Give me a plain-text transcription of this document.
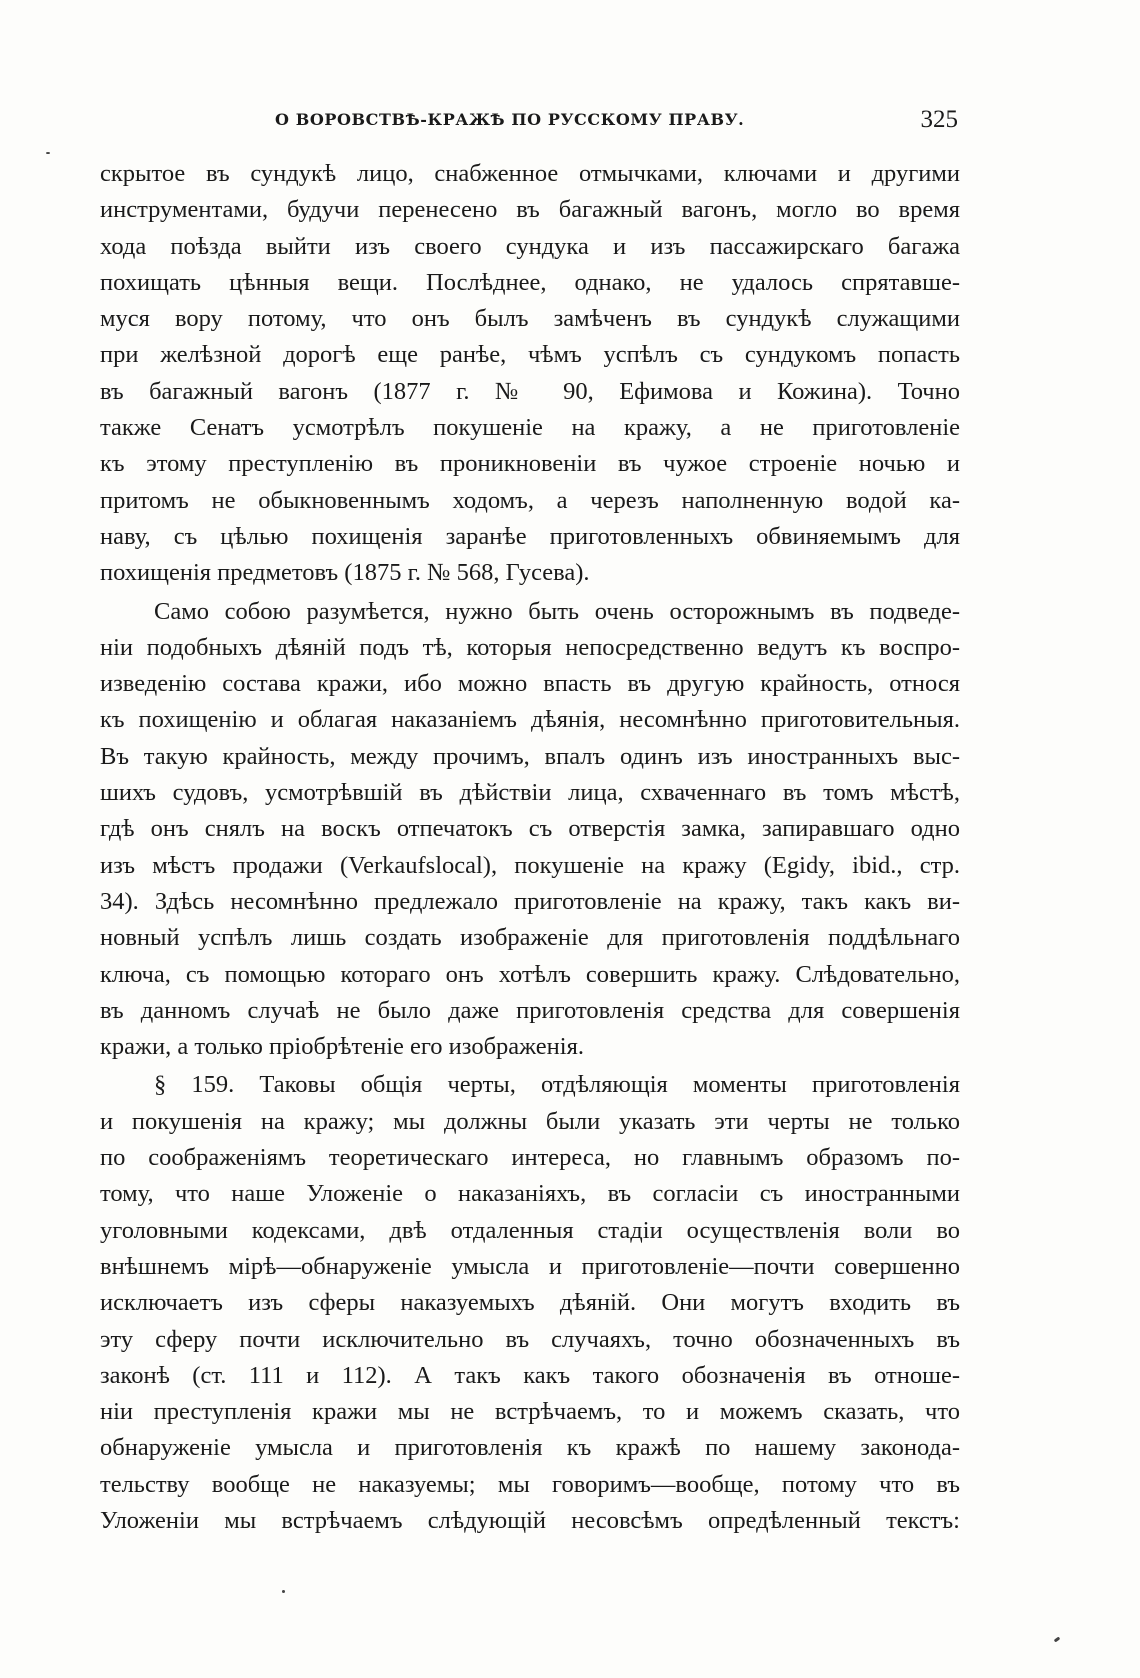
О ВОРОВСТВѢ-КРАЖѢ ПО РУССКОМУ ПРАВУ.	325
скрытое въ сундукѣ лицо, снабженное отмычками, ключами и другими
инструментами, будучи перенесено въ багажный вагонъ, могло во время
хода поѣзда выйти изъ своего сундука и изъ пассажирскаго багажа
похищать цѣнныя вещи. Послѣднее, однако, не удалось спрятавше-
муся вору потому, что онъ былъ замѣченъ въ сундукѣ служащими
при желѣзной дорогѣ еще ранѣе, чѣмъ успѣлъ съ сундукомъ попасть
въ багажный вагонъ (1877 г. № 90, Ефимова и Кожина). Точно
также Сенатъ усмотрѣлъ покушеніе на кражу, а не приготовленіе
къ этому преступленію въ проникновеніи въ чужое строеніе ночью и
притомъ не обыкновеннымъ ходомъ, а черезъ наполненную водой ка-
наву, съ цѣлью похищенія заранѣе приготовленныхъ обвиняемымъ для
похищенія предметовъ (1875 г. № 568, Гусева).
Само собою разумѣется, нужно быть очень осторожнымъ въ подведе-
ніи подобныхъ дѣяній подъ тѣ, которыя непосредственно ведутъ къ воспро-
изведенію состава кражи, ибо можно впасть въ другую крайность, относя
къ похищенію и облагая наказаніемъ дѣянія, несомнѣнно приготовительныя.
Въ такую крайность, между прочимъ, впалъ одинъ изъ иностранныхъ выс-
шихъ судовъ, усмотрѣвшій въ дѣйствіи лица, схваченнаго въ томъ мѣстѣ,
гдѣ онъ снялъ на воскъ отпечатокъ съ отверстія замка, запиравшаго одно
изъ мѣстъ продажи (Verkaufslocal), покушеніе на кражу (Egidy, ibid., стр.
34). Здѣсь несомнѣнно предлежало приготовленіе на кражу, такъ какъ ви-
новный успѣлъ лишь создать изображеніе для приготовленія поддѣльнаго
ключа, съ помощью котораго онъ хотѣлъ совершить кражу. Слѣдовательно,
въ данномъ случаѣ не было даже приготовленія средства для совершенія
кражи, а только пріобрѣтеніе его изображенія.
§ 159. Таковы общія черты, отдѣляющія моменты приготовленія
и покушенія на кражу; мы должны были указать эти черты не только
по соображеніямъ теоретическаго интереса, но главнымъ образомъ по-
тому, что наше Уложеніе о наказаніяхъ, въ согласіи съ иностранными
уголовными кодексами, двѣ отдаленныя стадіи осуществленія воли во
внѣшнемъ мірѣ—обнаруженіе умысла и приготовленіе—почти совершенно
исключаетъ изъ сферы наказуемыхъ дѣяній. Они могутъ входить въ
эту сферу почти исключительно въ случаяхъ, точно обозначенныхъ въ
законѣ (ст. 111 и 112). А такъ какъ такого обозначенія въ отноше-
ніи преступленія кражи мы не встрѣчаемъ, то и можемъ сказать, что
обнаруженіе умысла и приготовленія къ кражѣ по нашему законода-
тельству вообще не наказуемы; мы говоримъ—вообще, потому что въ
Уложеніи мы встрѣчаемъ слѣдующій несовсѣмъ опредѣленный текстъ:
